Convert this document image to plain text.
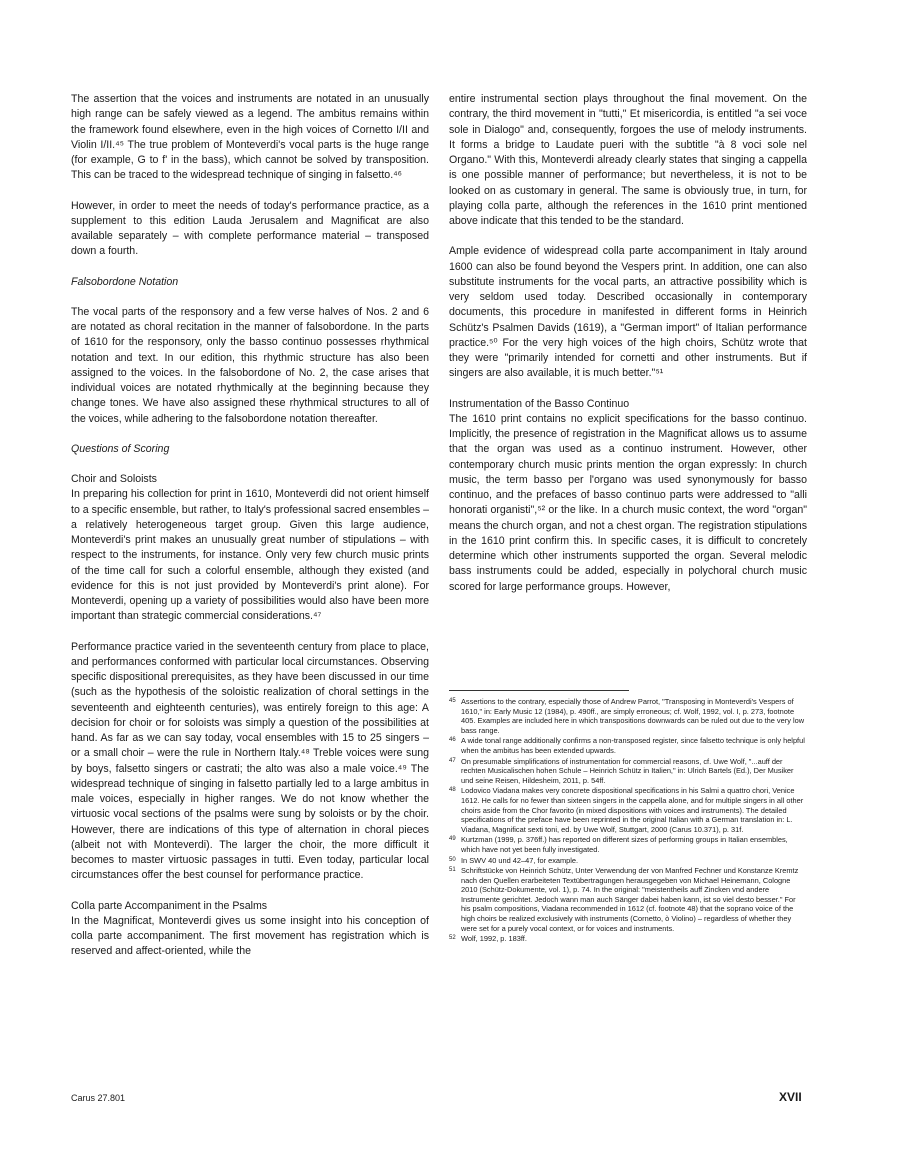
The assertion that the voices and instruments are notated in an unusually high range can be safely viewed as a legend. The ambitus remains within the framework found elsewhere, even in the high voices of Cornetto I/II and Violin I/II.⁴⁵ The true problem of Monteverdi's vocal parts is the huge range (for example, G to f' in the bass), which cannot be solved by transposition. This can be traced to the widespread technique of singing in falsetto.⁴⁶

However, in order to meet the needs of today's performance practice, as a supplement to this edition Lauda Jerusalem and Magnificat are also available separately – with complete performance material – transposed down a fourth.

Falsobordone Notation

The vocal parts of the responsory and a few verse halves of Nos. 2 and 6 are notated as choral recitation in the manner of falsobordone. In the parts of 1610 for the responsory, only the basso continuo possesses rhythmical notation and text. In our edition, this rhythmic structure has also been assigned to the voices. In the falsobordone of No. 2, the case arises that individual voices are notated rhythmically at the beginning because they change tones. We have also assigned these rhythmical structures to all of the voices, while adhering to the falsobordone notation thereafter.

Questions of Scoring

Choir and Soloists

In preparing his collection for print in 1610, Monteverdi did not orient himself to a specific ensemble, but rather, to Italy's professional sacred ensembles – a relatively heterogeneous target group. Given this large audience, Monteverdi's print makes an unusually great number of stipulations – with respect to the instruments, for instance. Only very few church music prints of the time call for such a colorful ensemble, although they existed (and evidence for this is not just provided by Monteverdi's print alone). For Monteverdi, opening up a variety of possibilities would also have been more important than strategic commercial considerations.⁴⁷

Performance practice varied in the seventeenth century from place to place, and performances conformed with particular local circumstances. Observing specific dispositional prerequisites, as they have been discussed in our time (such as the hypothesis of the soloistic realization of choral settings in the seventeenth and eighteenth centuries), was entirely foreign to this age: A decision for choir or for soloists was simply a question of the possibilities at hand. As far as we can say today, vocal ensembles with 15 to 25 singers – or a small choir – were the rule in Northern Italy.⁴⁸ Treble voices were sung by boys, falsetto singers or castrati; the alto was also a male voice.⁴⁹ The widespread technique of singing in falsetto partially led to a large ambitus in male voices, especially in higher ranges. We do not know whether the virtuosic vocal sections of the psalms were sung by soloists or by the choir. However, there are indications of this type of alternation in choral pieces (albeit not with Monteverdi). The larger the choir, the more difficult it becomes to master virtuosic passages in tutti. Even today, particular local circumstances offer the best counsel for performance practice.

Colla parte Accompaniment in the Psalms

In the Magnificat, Monteverdi gives us some insight into his conception of colla parte accompaniment. The first movement has registration which is reserved and affect-oriented, while the

entire instrumental section plays throughout the final movement. On the contrary, the third movement in "tutti," Et misericordia, is entitled "a sei voce sole in Dialogo" and, consequently, forgoes the use of melody instruments. It forms a bridge to Laudate pueri with the subtitle "à 8 voci sole nel Organo." With this, Monteverdi already clearly states that singing a cappella is one possible manner of performance; but nevertheless, it is not to be looked on as customary in general. The same is obviously true, in turn, for playing colla parte, although the references in the 1610 print mentioned above indicate that this tended to be the standard.

Ample evidence of widespread colla parte accompaniment in Italy around 1600 can also be found beyond the Vespers print. In addition, one can also substitute instruments for the vocal parts, an attractive possibility which is very seldom used today. Described occasionally in contemporary documents, this procedure in manifested in different forms in Heinrich Schütz's Psalmen Davids (1619), a "German import" of Italian performance practice.⁵⁰ For the very high voices of the high choirs, Schütz wrote that they were "primarily intended for cornetti and other instruments. But if singers are also available, it is much better."⁵¹

Instrumentation of the Basso Continuo

The 1610 print contains no explicit specifications for the basso continuo. Implicitly, the presence of registration in the Magnificat allows us to assume that the organ was used as a continuo instrument. However, other contemporary church music prints mention the organ expressly: In church music, the term basso per l'organo was used synonymously for basso continuo, and the prefaces of basso continuo parts were addressed to "alli honorati organisti",⁵² or the like. In a church music context, the word "organ" means the church organ, and not a chest organ. The registration stipulations in the 1610 print confirm this. In specific cases, it is difficult to concretely determine which other instruments supported the organ. Several melodic bass instruments could be added, especially in polychoral church music scored for large performance groups. However,

45 Assertions to the contrary, especially those of Andrew Parrot, "Transposing in Monteverdi's Vespers of 1610," in: Early Music 12 (1984), p. 490ff., are simply erroneous; cf. Wolf, 1992, vol. I, p. 273, footnote 405. Examples are included here in which transpositions downwards can be ruled out due to the very low bass range.
46 A wide tonal range additionally confirms a non-transposed register, since falsetto technique is only helpful when the ambitus has been extended upwards.
47 On presumable simplifications of instrumentation for commercial reasons, cf. Uwe Wolf, "...auff der rechten Musicalischen hohen Schule – Heinrich Schütz in Italien," in: Ulrich Bartels (Ed.), Der Musiker und seine Reisen, Hildesheim, 2011, p. 54ff.
48 Lodovico Viadana makes very concrete dispositional specifications in his Salmi a quattro chori, Venice 1612. He calls for no fewer than sixteen singers in the cappella alone, and for multiple singers in all other choirs aside from the Chor favorito (in mixed dispositions with voices and instruments). The detailed specifications of the preface have been reprinted in the original Italian with a German translation in: L. Viadana, Magnificat sexti toni, ed. by Uwe Wolf, Stuttgart, 2000 (Carus 10.371), p. 31f.
49 Kurtzman (1999, p. 376ff.) has reported on different sizes of performing groups in Italian ensembles, which have not yet been fully investigated.
50 In SWV 40 und 42–47, for example.
51 Schriftstücke von Heinrich Schütz, Unter Verwendung der von Manfred Fechner und Konstanze Kremtz nach den Quellen erarbeiteten Textübertragungen herausgegeben von Michael Heinemann, Cologne 2010 (Schütz-Dokumente, vol. 1), p. 74. In the original: "meistentheils auff Zincken vnd andere Instrumente gerichtet. Jedoch wann man auch Sänger dabei haben kann, ist so viel desto besser." For his psalm compositions, Viadana recommended in 1612 (cf. footnote 48) that the soprano voice of the high choirs be realized exclusively with instruments (Cornetto, ò Violino) – regardless of whether they were set for a purely vocal context, or for voices and instruments.
52 Wolf, 1992, p. 183ff.
Carus 27.801	XVII
